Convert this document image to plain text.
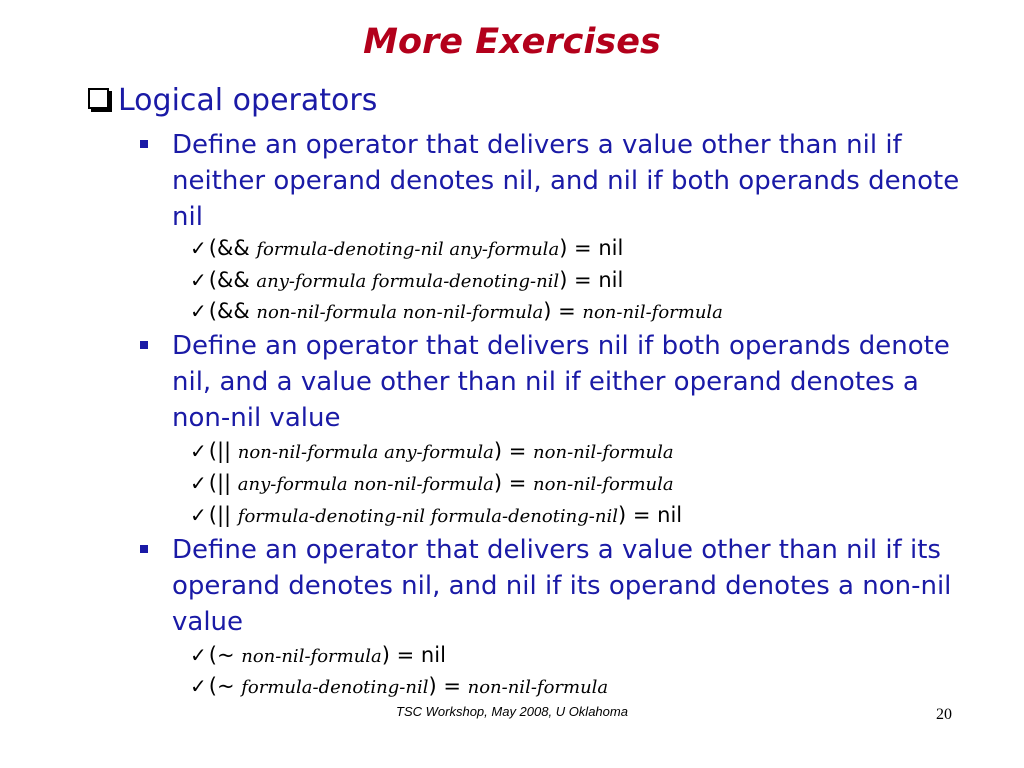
More Exercises
Logical operators
Define an operator that delivers a value other than nil if neither operand denotes nil, and nil if both operands denote nil
✓(&& formula-denoting-nil any-formula) = nil
✓(&& any-formula formula-denoting-nil) = nil
✓(&& non-nil-formula non-nil-formula) = non-nil-formula
Define an operator that delivers nil if both operands denote nil, and a value other than nil if either operand denotes a non-nil value
✓(|| non-nil-formula any-formula) = non-nil-formula
✓(|| any-formula non-nil-formula) = non-nil-formula
✓(|| formula-denoting-nil formula-denoting-nil) = nil
Define an operator that delivers a value other than nil if its operand denotes nil, and nil if its operand denotes a non-nil value
✓(~ non-nil-formula) = nil
✓(~ formula-denoting-nil) = non-nil-formula
TSC Workshop, May 2008, U Oklahoma	20
